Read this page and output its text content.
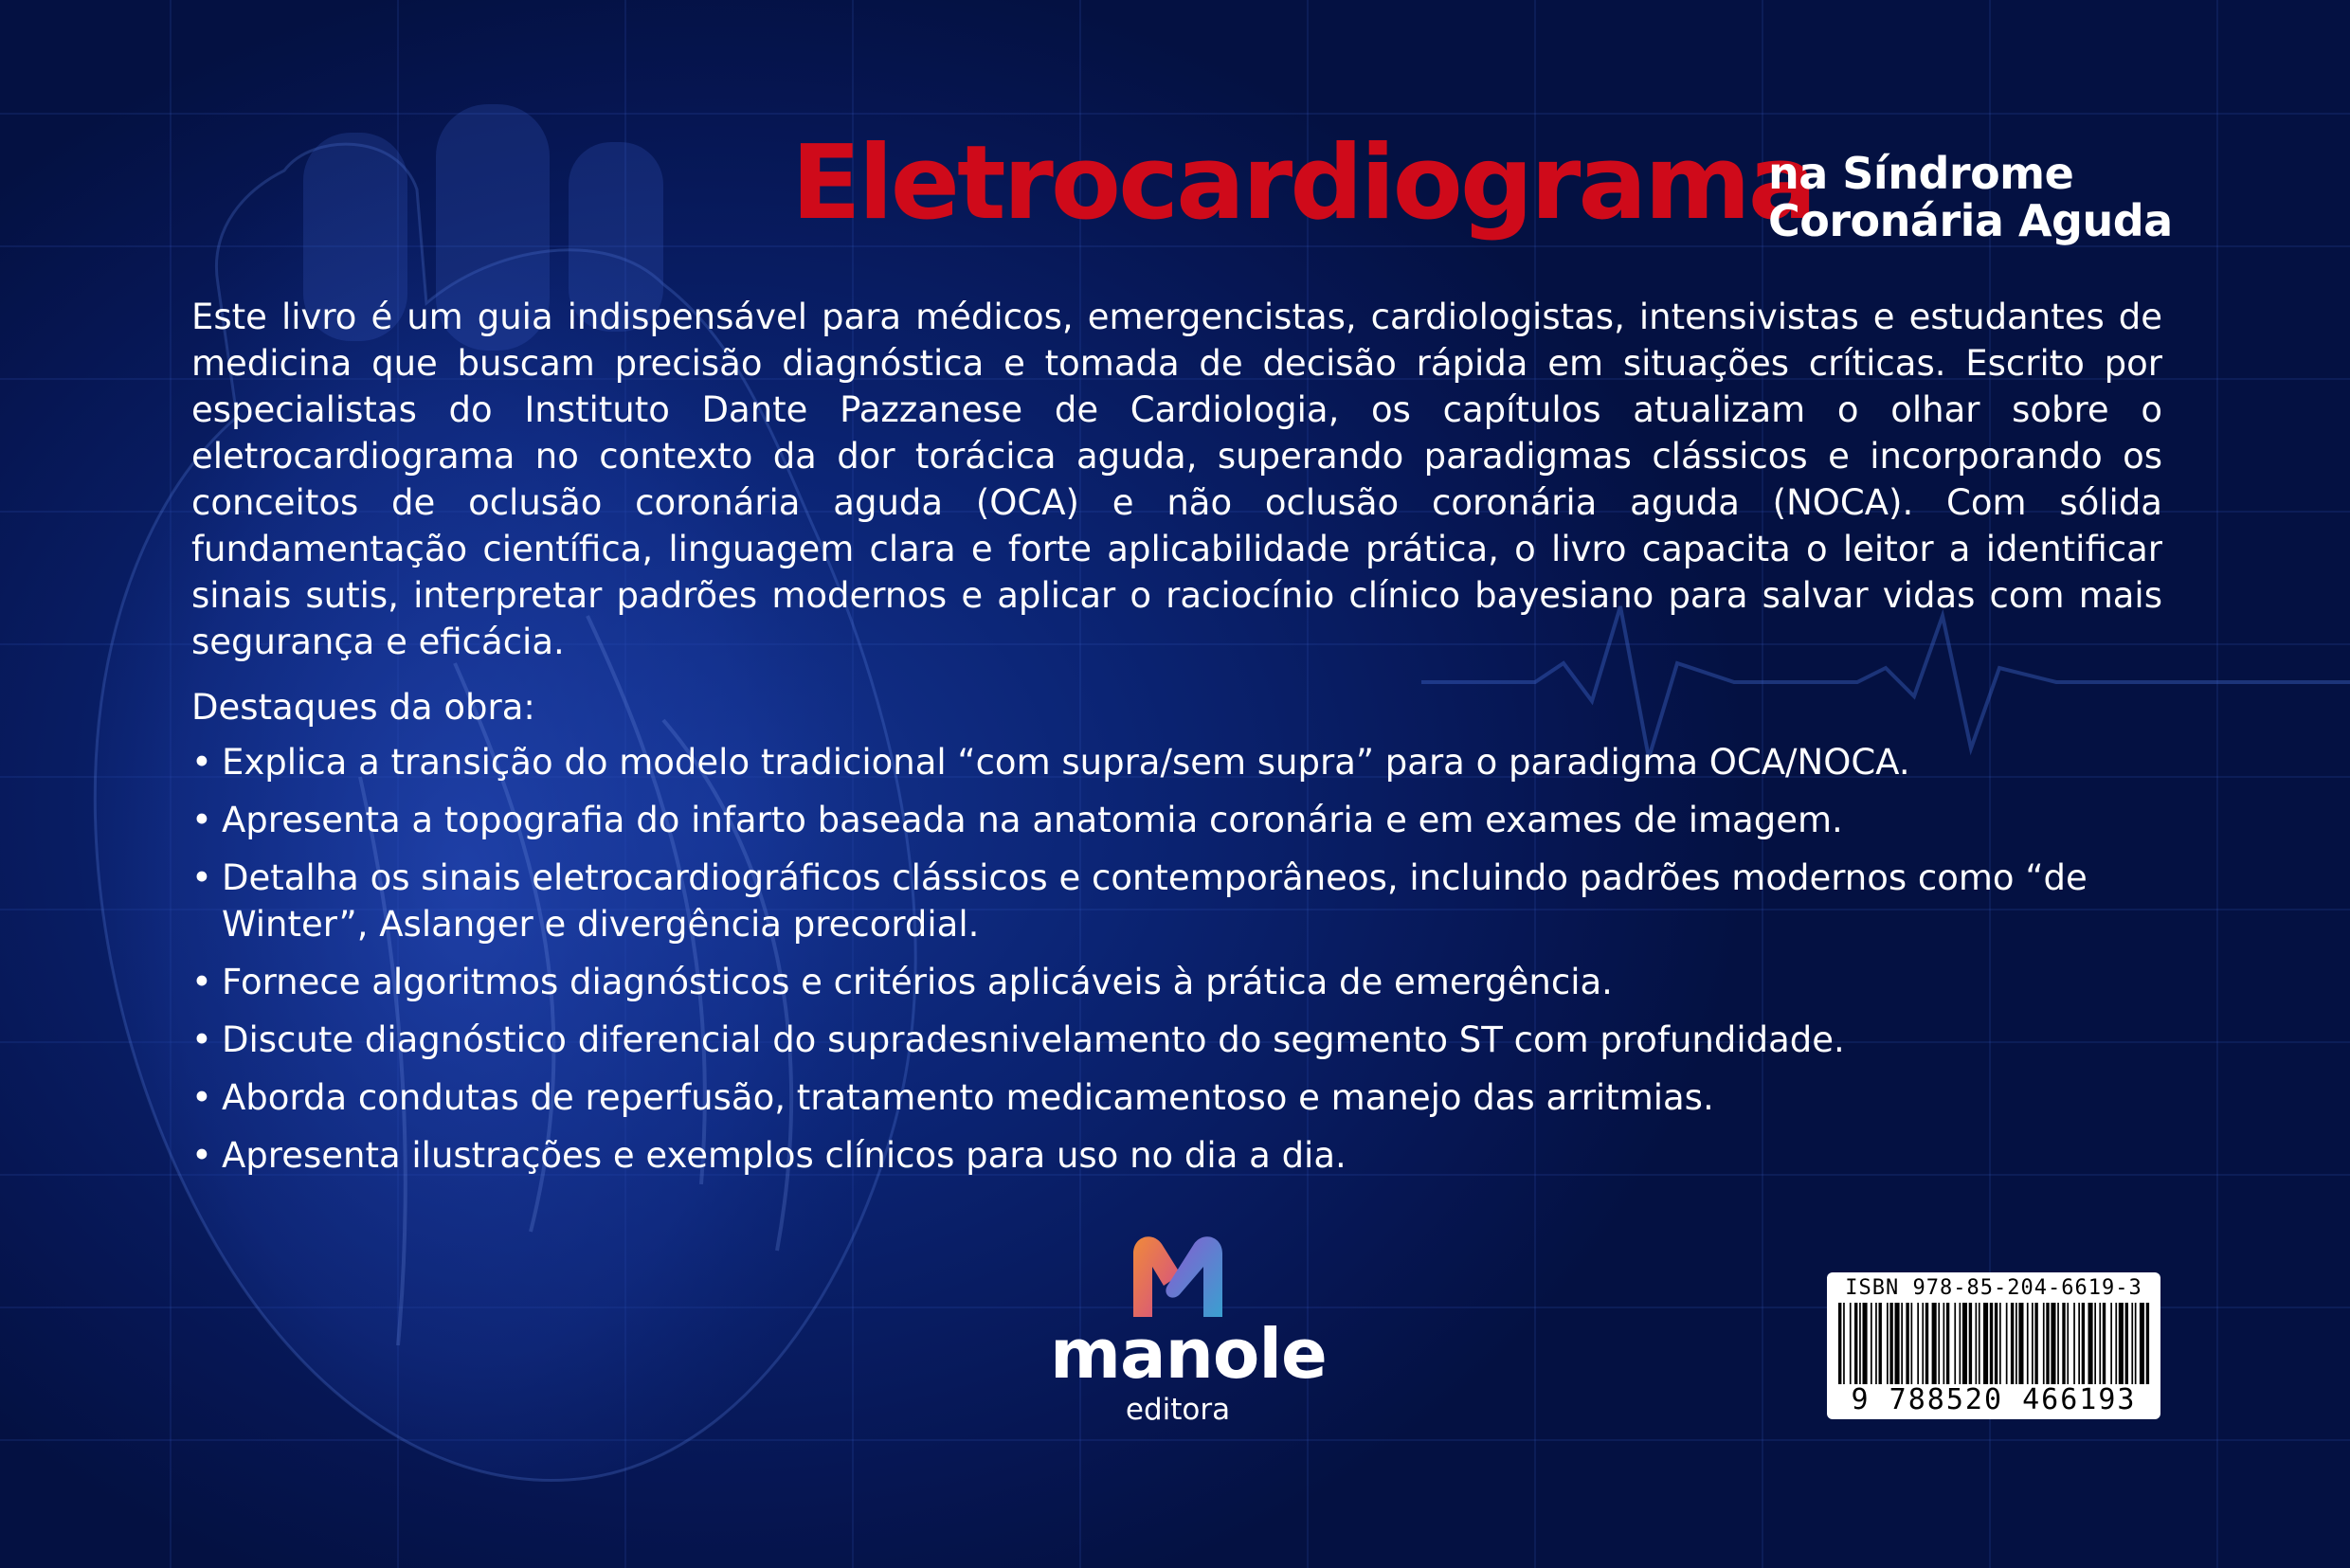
Eletrocardiograma
na Síndrome
Coronária Aguda

Este livro é um guia indispensável para médicos, emergencistas, cardiologistas, intensivistas e estudantes de medicina que buscam precisão diagnóstica e tomada de decisão rápida em situações críticas. Escrito por especialistas do Instituto Dante Pazzanese de Cardiologia, os capítulos atualizam o olhar sobre o eletrocardiograma no contexto da dor torácica aguda, superando paradigmas clássicos e incorporando os conceitos de oclusão coronária aguda (OCA) e não oclusão coronária aguda (NOCA). Com sólida fundamentação científica, linguagem clara e forte aplicabilidade prática, o livro capacita o leitor a identificar sinais sutis, interpretar padrões modernos e aplicar o raciocínio clínico bayesiano para salvar vidas com mais segurança e eficácia.

Destaques da obra:
• Explica a transição do modelo tradicional “com supra/sem supra” para o paradigma OCA/NOCA.
• Apresenta a topografia do infarto baseada na anatomia coronária e em exames de imagem.
• Detalha os sinais eletrocardiográficos clássicos e contemporâneos, incluindo padrões modernos como “de Winter”, Aslanger e divergência precordial.
• Fornece algoritmos diagnósticos e critérios aplicáveis à prática de emergência.
• Discute diagnóstico diferencial do supradesnivelamento do segmento ST com profundidade.
• Aborda condutas de reperfusão, tratamento medicamentoso e manejo das arritmias.
• Apresenta ilustrações e exemplos clínicos para uso no dia a dia.
manole
editora
ISBN 978-85-204-6619-3
9 788520 466193
